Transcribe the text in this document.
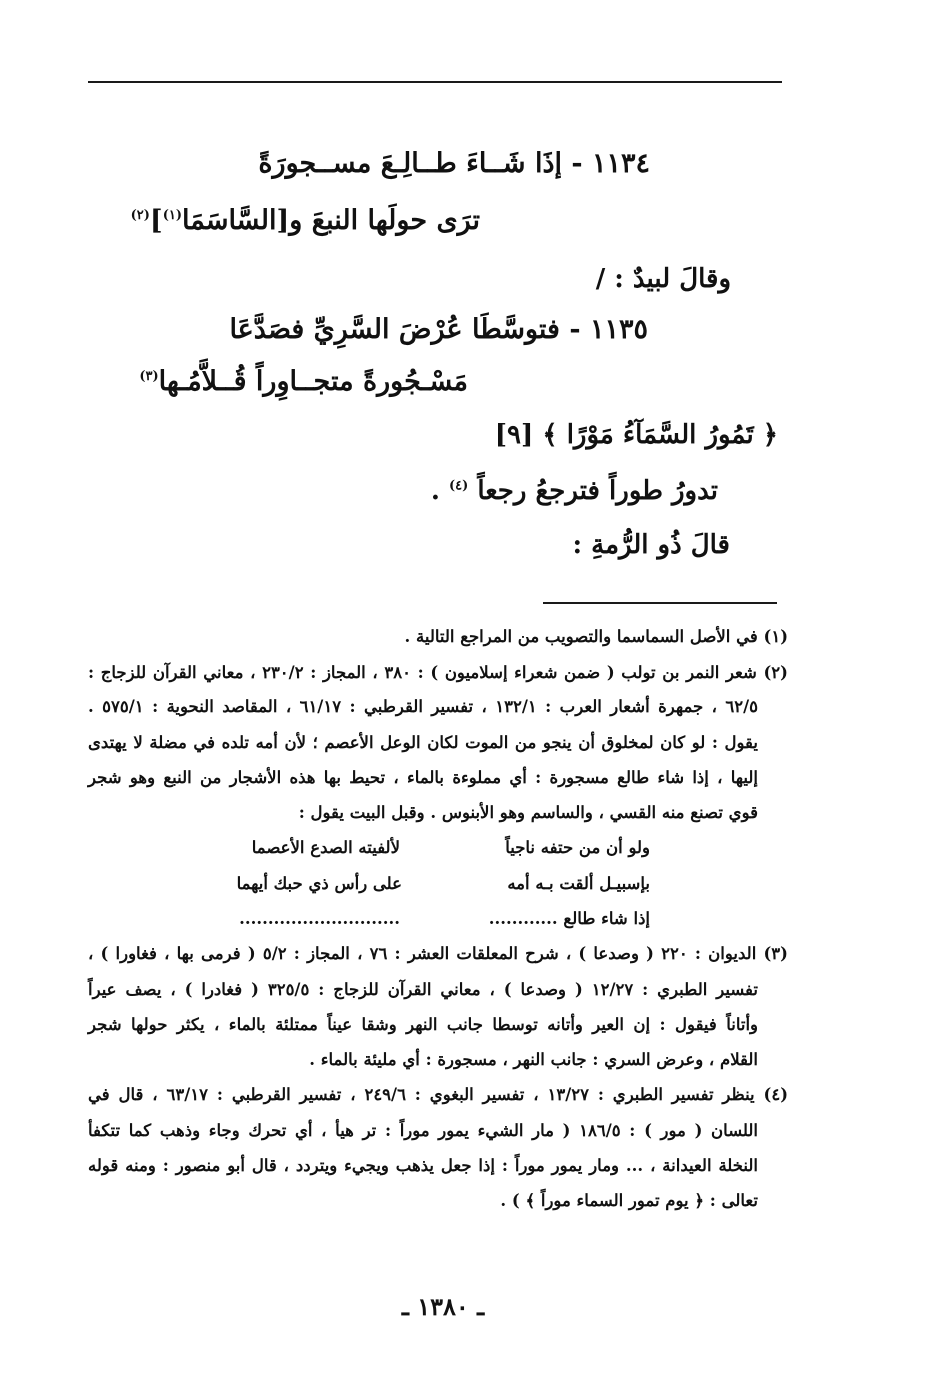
١١٣٤ - إذَا شَــاءَ طــالِـعَ مســجورَةً
ترَى حولَها النبعَ و[السَّاسَمَا$^{(١)}$]$^{(٢)}$
وقالَ لبيدٌ : /
١١٣٥ - فتوسَّطَا عُرْضَ السَّرِيِّ فصَدَّعَا
مَسْـجُورةً متجــاوِراً قُــلاَّمُـها$^{(٣)}$
﴿ تَمُورُ السَّمَآءُ مَوْرًا ﴾ [٩]
تدورُ طوراً فترجعُ رجعاً $^{(٤)}$ .
قالَ ذُو الرُّمةِ :
(١) في الأصل السماسما والتصويب من المراجع التالية .
(٢) شعر النمر بن تولب ( ضمن شعراء إسلاميون ) : ٣٨٠ ، المجاز : ٢٣٠/٢ ، معاني القرآن للزجاج :
٦٢/٥ ، جمهرة أشعار العرب : ١٣٢/١ ، تفسير القرطبي : ٦١/١٧ ، المقاصد النحوية : ٥٧٥/١ .
يقول : لو كان لمخلوق أن ينجو من الموت لكان الوعل الأعصم ؛ لأن أمه تلده في مضلة لا يهتدى
إليها ، إذا شاء طالع مسجورة : أي مملوءة بالماء ، تحيط بها هذه الأشجار من النبع وهو شجر
قوي تصنع منه القسي ، والساسم وهو الأبنوس . وقبل البيت يقول :
ولو أن من حتفه ناجياً
لألفيته الصدع الأعصما
بإسبيـل ألقت بـه أمه
على رأس ذي حبك أيهما
إذا شاء طالع ............
............................
(٣) الديوان : ٢٢٠ ( وصدعا ) ، شرح المعلقات العشر : ٧٦ ، المجاز : ٥/٢ ( فرمى بها ، فغاورا ) ،
تفسير الطبري : ١٢/٢٧ ( وصدعا ) ، معاني القرآن للزجاج : ٣٢٥/٥ ( فغادرا ) ، يصف عيراً
وأتاناً فيقول : إن العير وأتانه توسطا جانب النهر وشقا عيناً ممتلئة بالماء ، يكثر حولها شجر
القلام ، وعرض السري : جانب النهر ، مسجورة : أي مليئة بالماء .
(٤) ينظر تفسير الطبري : ١٣/٢٧ ، تفسير البغوي : ٢٤٩/٦ ، تفسير القرطبي : ٦٣/١٧ ، قال في
اللسان ( مور ) : ١٨٦/٥ ( مار الشيء يمور موراً : تر هيأ ، أي تحرك وجاء وذهب كما تتكفأ
النخلة العيدانة ، ... ومار يمور موراً : إذا جعل يذهب ويجيء ويتردد ، قال أبو منصور : ومنه قوله
تعالى : ﴿ يوم تمور السماء موراً ﴾ ) .
ـ ١٣٨٠ ـ
